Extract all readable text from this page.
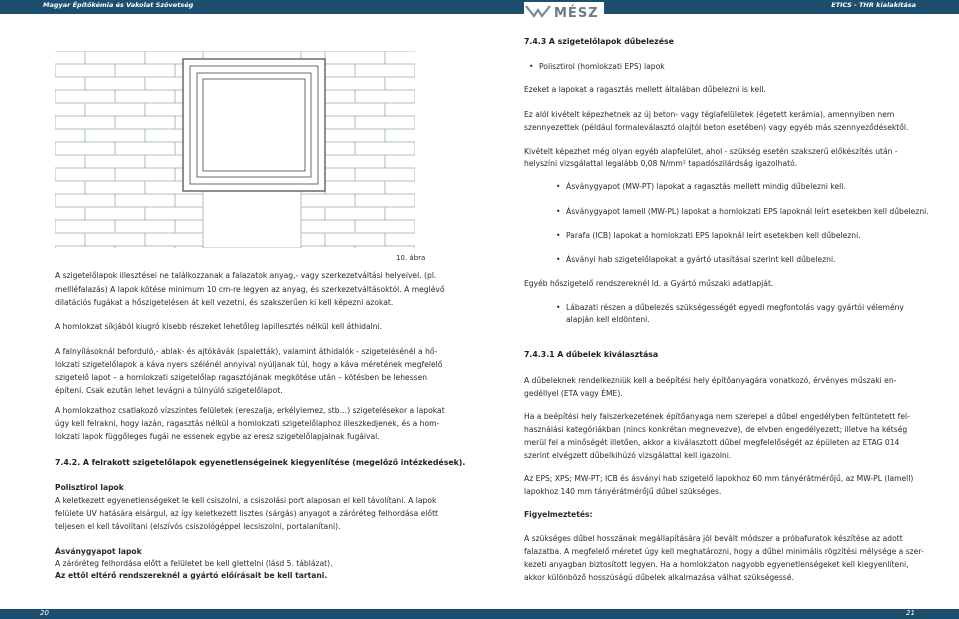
Magyar Építőkémia és Vakolat Szövetség	ETICS - THR kialakítása
MÉSZ
10. ábra
A szigetelőlapok illesztései ne találkozzanak a falazatok anyag,- vagy szerkezetváltási helyeivel. (pl.
mellléfalazás) A lapok kötése minimum 10 cm-re legyen az anyag, és szerkezetváltásoktól. A meglévő
dilatációs fugákat a hőszigetelésen át kell vezetni, és szakszerűen ki kell képezni azokat.
A homlokzat síkjából kiugró kisebb részeket lehetőleg lapillesztés nélkül kell áthidalni.
A falnyílásoknál beforduló,- ablak- és ajtókávák (spaletták), valamint áthidalók - szigetelésénél a hő-
lokzati szigetelőlapok a káva nyers szélénél annyival nyúljanak túl, hogy a káva méretének megfelelő
szigetelő lapot – a homlokzati szigetelőlap ragasztójának megkötése után – kötésben be lehessen
építeni. Csak ezután lehet levágni a túlnyúló szigetelőlapot.
A homlokzathoz csatlakozó vízszintes felületek (ereszalja, erkélylemez, stb…) szigetelésekor a lapokat
úgy kell felrakni, hogy lazán, ragasztás nélkül a homlokzati szigetelőlaphoz illeszkedjenek, és a hom-
lokzati lapok függőleges fugái ne essenek egybe az eresz szigetelőlapjainak fugáival.
7.4.2. A felrakott szigetelőlapok egyenetlenségeinek kiegyenlítése (megelőző intézkedések).
Polisztirol lapok
A keletkezett egyenetlenségeket le kell csiszolni, a csiszolási port alaposan el kell távolítani. A lapok
felülete UV hatására elsárgul, az így keletkezett lisztes (sárgás) anyagot a záróréteg felhordása előtt
teljesen el kell távolítani (elszívós csiszológéppel lecsiszolni, portalanítani).
Ásványgyapot lapok
A záróréteg felhordása előtt a felületet be kell glettelni (lásd 5. táblázat).
Az ettől eltérő rendszereknél a gyártó előírásait be kell tartani.
7.4.3 A szigetelőlapok dűbelezése
• Polisztirol (homlokzati EPS) lapok
Ezeket a lapokat a ragasztás mellett általában dűbelezni is kell.
Ez alól kivételt képezhetnek az új beton- vagy téglafelületek (égetett kerámia), amennyiben nem
szennyezettek (például formaleválasztó olajtól beton esetében) vagy egyéb más szennyeződésektől.
Kivételt képezhet még olyan egyéb alapfelület, ahol - szükség esetén szakszerű előkészítés után -
helyszíni vizsgálattal legalább 0,08 N/mm² tapadószilárdság igazolható.
• Ásványgyapot (MW-PT) lapokat a ragasztás mellett mindig dűbelezni kell.
• Ásványgyapot lamell (MW-PL) lapokat a homlokzati EPS lapoknál leírt esetekben kell dűbelezni.
• Parafa (ICB) lapokat a homlokzati EPS lapoknál leírt esetekben kell dűbelezni.
• Ásványi hab szigetelőlapokat a gyártó utasításai szerint kell dűbelezni.
Egyéb hőszigetelő rendszereknél ld. a Gyártó műszaki adatlapját.
• Lábazati részen a dűbelezés szükségességét egyedi megfontolás vagy gyártói vélemény
alapján kell eldönteni.
7.4.3.1 A dűbelek kiválasztása
A dűbeleknek rendelkezniük kell a beépítési hely építőanyagára vonatkozó, érvényes műszaki en-
gedéllyel (ETA vagy ÉME).
Ha a beépítési hely falszerkezetének építőanyaga nem szerepel a dűbel engedélyben feltüntetett fel-
használási kategóriákban (nincs konkrétan megnevezve), de elvben engedélyezett; illetve ha kétség
merül fel a minőségét illetően, akkor a kiválasztott dűbel megfelelőségét az épületen az ETAG 014
szerint elvégzett dűbelkihúzó vizsgálattal kell igazolni.
Az EPS; XPS; MW-PT; ICB és ásványi hab szigetelő lapokhoz 60 mm tányérátmérőjű, az MW-PL (lamell)
lapokhoz 140 mm tányérátmérőjű dűbel szükséges.
Figyelmeztetés:
A szükséges dűbel hosszának megállapítására jól bevált módszer a próbafuratok készítése az adott
falazatba. A megfelelő méretet úgy kell meghatározni, hogy a dűbel minimális rögzítési mélysége a szer-
kezeti anyagban biztosított legyen. Ha a homlokzaton nagyobb egyenetlenségeket kell kiegyenlíteni,
akkor különböző hosszúságú dűbelek alkalmazása válhat szükségessé.
20	21
